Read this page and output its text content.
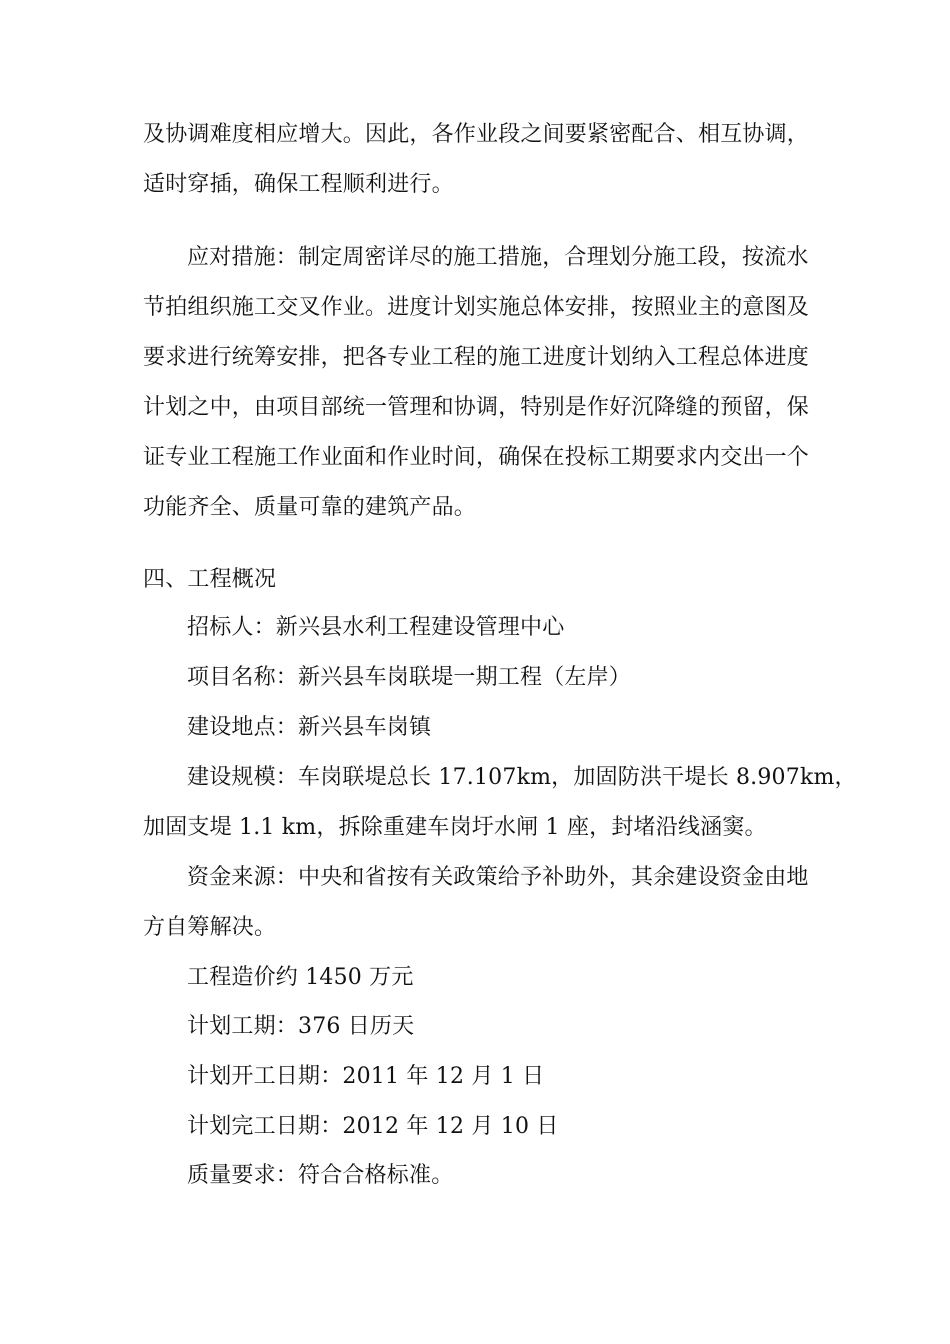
及协调难度相应增大。因此，各作业段之间要紧密配合、相互协调，
适时穿插，确保工程顺利进行。
应对措施：制定周密详尽的施工措施，合理划分施工段，按流水
节拍组织施工交叉作业。进度计划实施总体安排，按照业主的意图及
要求进行统筹安排，把各专业工程的施工进度计划纳入工程总体进度
计划之中，由项目部统一管理和协调，特别是作好沉降缝的预留，保
证专业工程施工作业面和作业时间，确保在投标工期要求内交出一个
功能齐全、质量可靠的建筑产品。
四、工程概况
招标人：新兴县水利工程建设管理中心
项目名称：新兴县车岗联堤一期工程（左岸）
建设地点：新兴县车岗镇
建设规模：车岗联堤总长 17.107km，加固防洪干堤长 8.907km，
加固支堤 1.1 km，拆除重建车岗圩水闸 1 座，封堵沿线涵窦。
资金来源：中央和省按有关政策给予补助外，其余建设资金由地
方自筹解决。
工程造价约 1450 万元
计划工期：376 日历天
计划开工日期：2011 年 12 月 1 日
计划完工日期：2012 年 12 月 10 日
质量要求：符合合格标准。
